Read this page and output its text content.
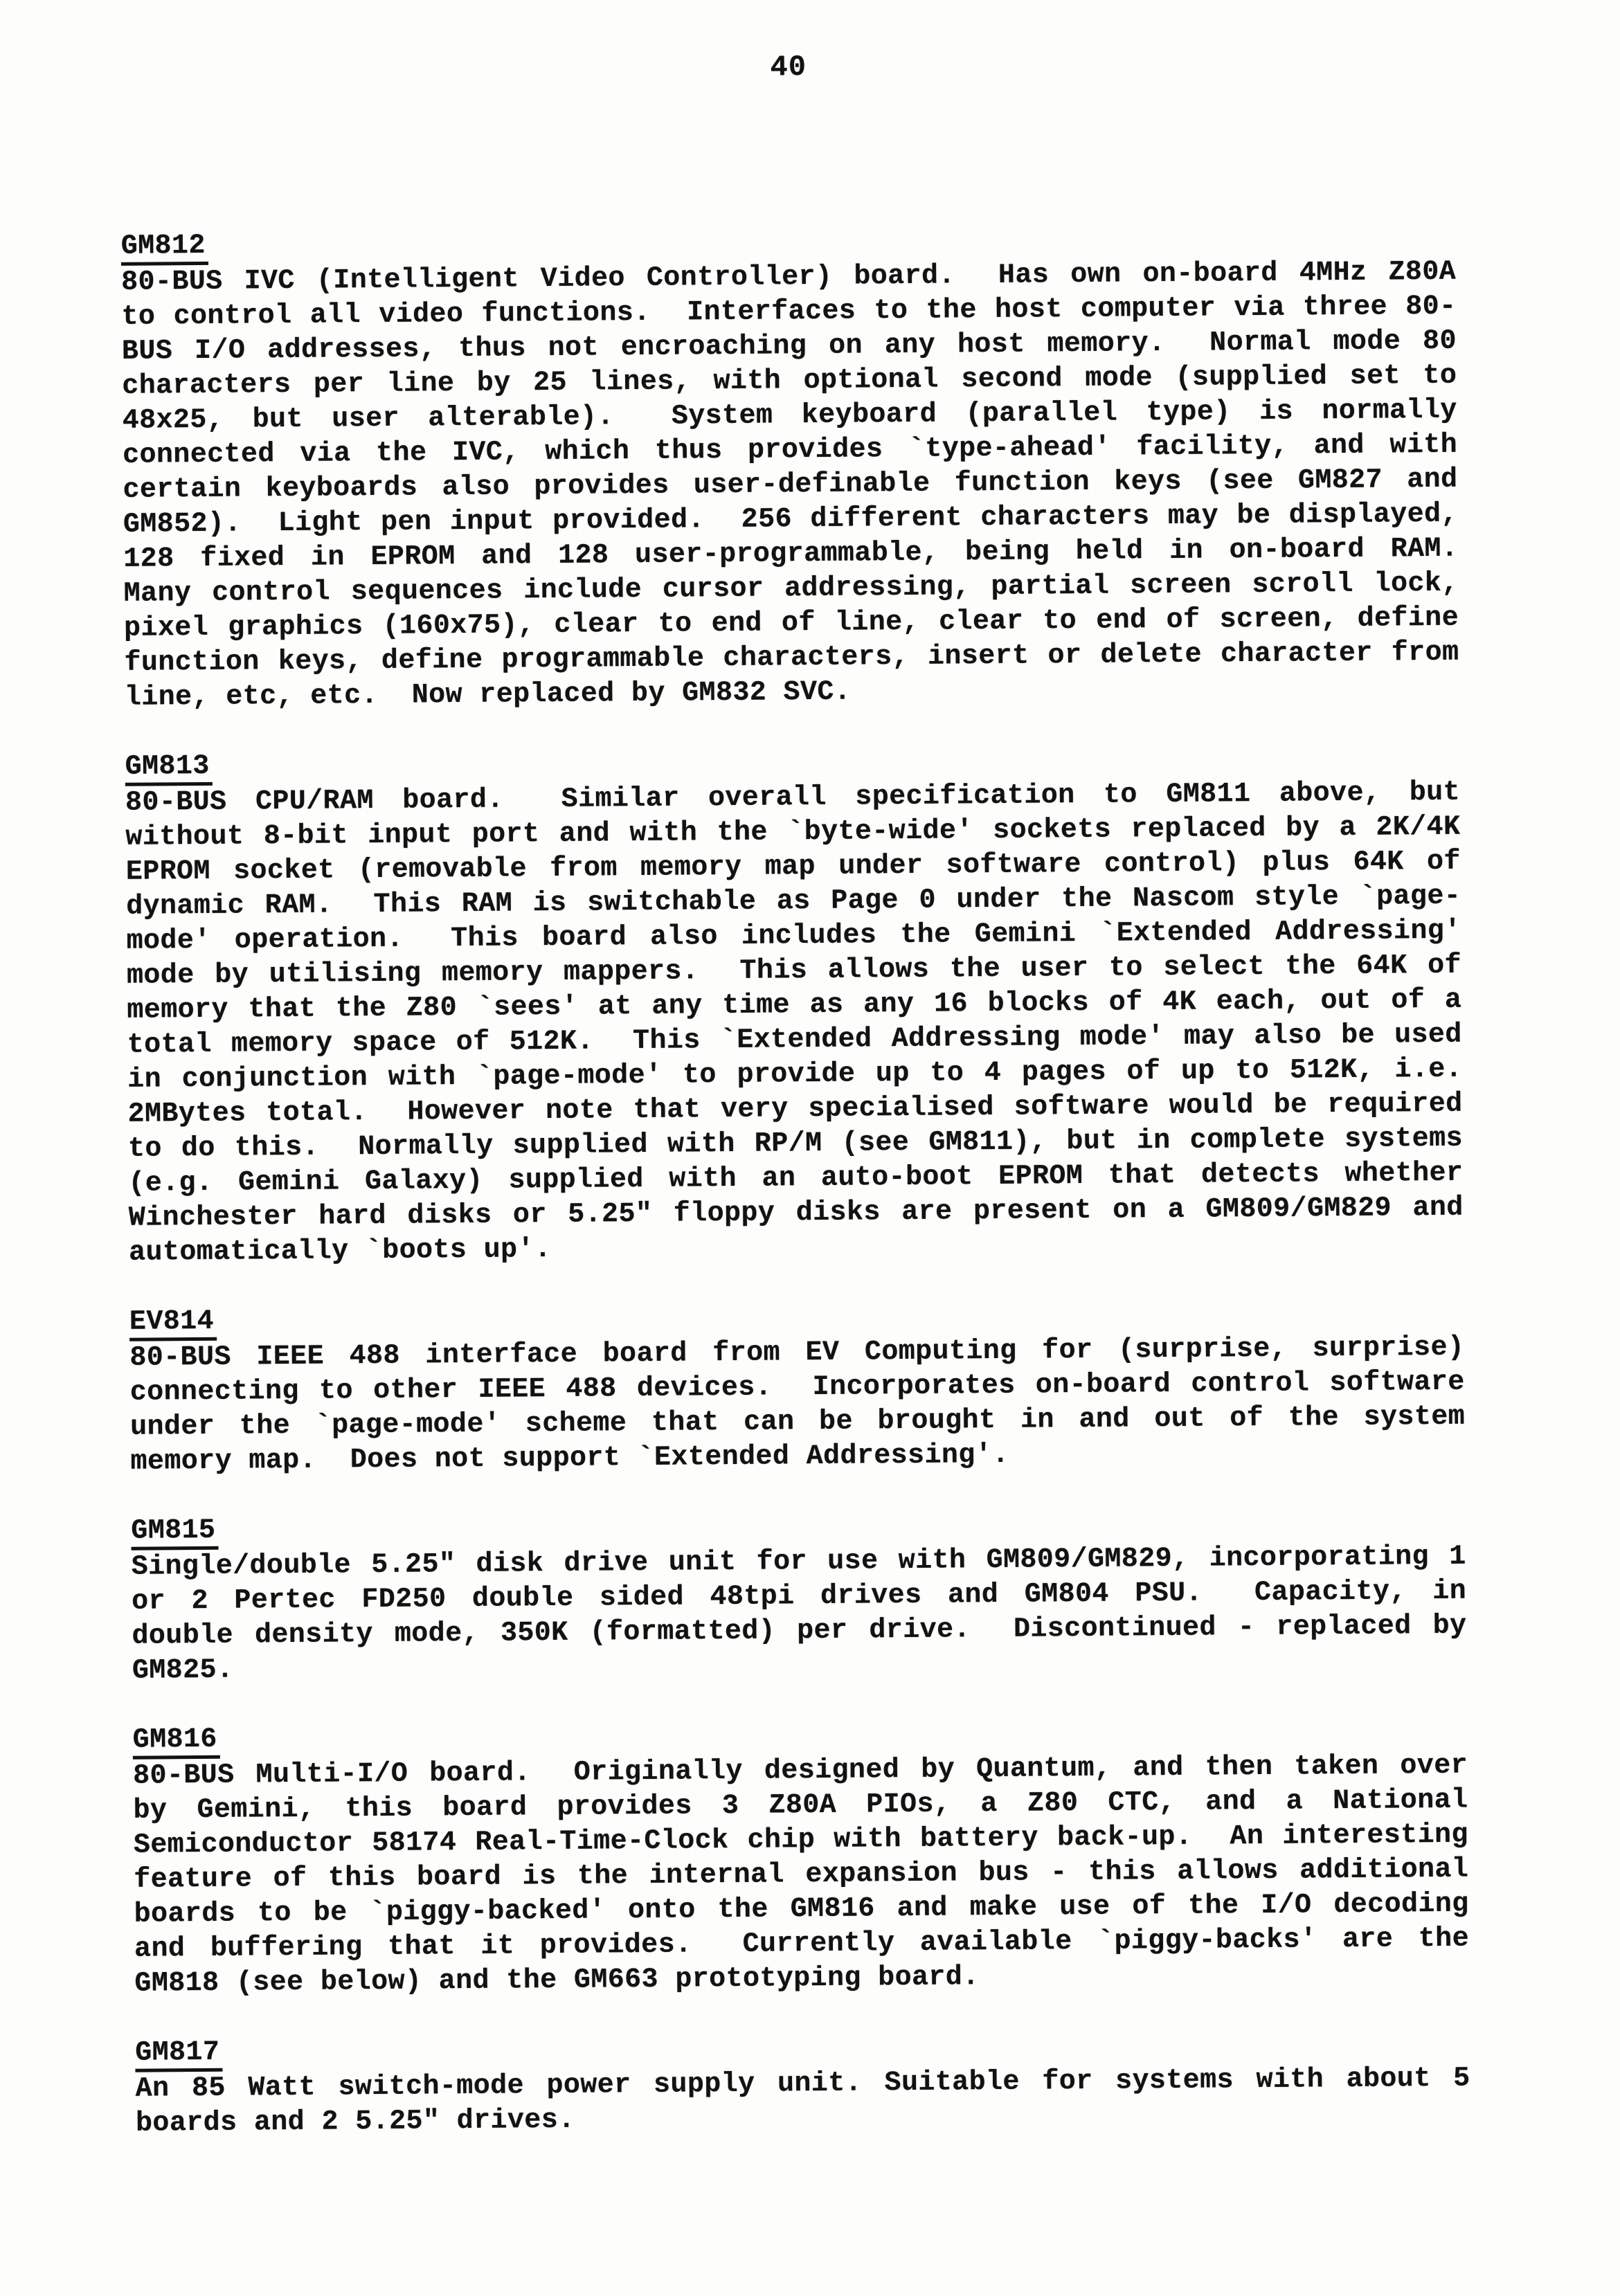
40
GM812
80-BUS IVC (Intelligent Video Controller) board.  Has own on-board 4MHz Z80A
to control all video functions.  Interfaces to the host computer via three 80-
BUS I/O addresses, thus not encroaching on any host memory.  Normal mode 80
characters per line by 25 lines, with optional second mode (supplied set to
48x25, but user alterable).  System keyboard (parallel type) is normally
connected via the IVC, which thus provides `type-ahead' facility, and with
certain keyboards also provides user-definable function keys (see GM827 and
GM852).  Light pen input provided.  256 different characters may be displayed,
128 fixed in EPROM and 128 user-programmable, being held in on-board RAM.
Many control sequences include cursor addressing, partial screen scroll lock,
pixel graphics (160x75), clear to end of line, clear to end of screen, define
function keys, define programmable characters, insert or delete character from
line, etc, etc.  Now replaced by GM832 SVC.
GM813
80-BUS CPU/RAM board.  Similar overall specification to GM811 above, but
without 8-bit input port and with the `byte-wide' sockets replaced by a 2K/4K
EPROM socket (removable from memory map under software control) plus 64K of
dynamic RAM.  This RAM is switchable as Page 0 under the Nascom style `page-
mode' operation.  This board also includes the Gemini `Extended Addressing'
mode by utilising memory mappers.  This allows the user to select the 64K of
memory that the Z80 `sees' at any time as any 16 blocks of 4K each, out of a
total memory space of 512K.  This `Extended Addressing mode' may also be used
in conjunction with `page-mode' to provide up to 4 pages of up to 512K, i.e.
2MBytes total.  However note that very specialised software would be required
to do this.  Normally supplied with RP/M (see GM811), but in complete systems
(e.g. Gemini Galaxy) supplied with an auto-boot EPROM that detects whether
Winchester hard disks or 5.25" floppy disks are present on a GM809/GM829 and
automatically `boots up'.
EV814
80-BUS IEEE 488 interface board from EV Computing for (surprise, surprise)
connecting to other IEEE 488 devices.  Incorporates on-board control software
under the `page-mode' scheme that can be brought in and out of the system
memory map.  Does not support `Extended Addressing'.
GM815
Single/double 5.25" disk drive unit for use with GM809/GM829, incorporating 1
or 2 Pertec FD250 double sided 48tpi drives and GM804 PSU.  Capacity, in
double density mode, 350K (formatted) per drive.  Discontinued - replaced by
GM825.
GM816
80-BUS Multi-I/O board.  Originally designed by Quantum, and then taken over
by Gemini, this board provides 3 Z80A PIOs, a Z80 CTC, and a National
Semiconductor 58174 Real-Time-Clock chip with battery back-up.  An interesting
feature of this board is the internal expansion bus - this allows additional
boards to be `piggy-backed' onto the GM816 and make use of the I/O decoding
and buffering that it provides.  Currently available `piggy-backs' are the
GM818 (see below) and the GM663 prototyping board.
GM817
An 85 Watt switch-mode power supply unit. Suitable for systems with about 5
boards and 2 5.25" drives.
